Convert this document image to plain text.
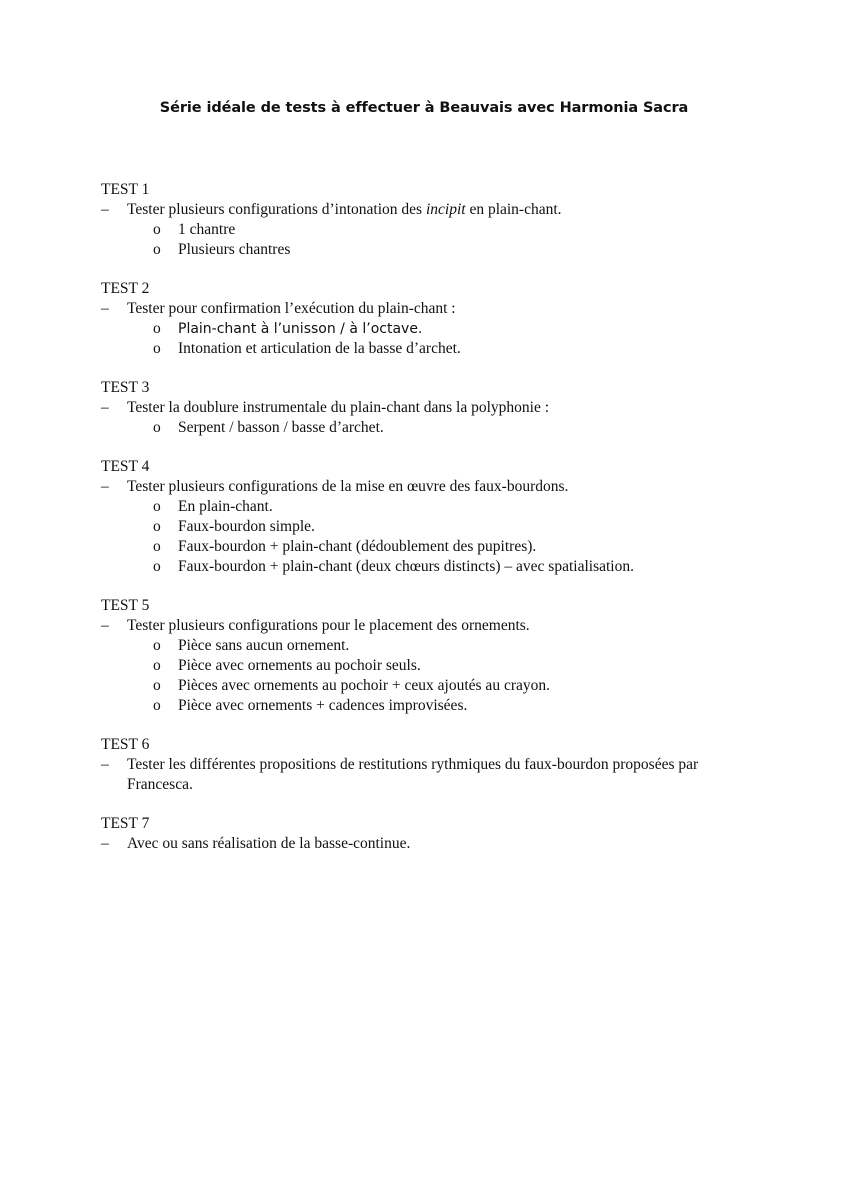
Série idéale de tests à effectuer à Beauvais avec Harmonia Sacra
TEST 1
– Tester plusieurs configurations d’intonation des incipit en plain-chant.
o 1 chantre
o Plusieurs chantres
TEST 2
– Tester pour confirmation l’exécution du plain-chant :
o Plain-chant à l’unisson / à l’octave.
o Intonation et articulation de la basse d’archet.
TEST 3
– Tester la doublure instrumentale du plain-chant dans la polyphonie :
o Serpent / basson / basse d’archet.
TEST 4
– Tester plusieurs configurations de la mise en œuvre des faux-bourdons.
o En plain-chant.
o Faux-bourdon simple.
o Faux-bourdon + plain-chant (dédoublement des pupitres).
o Faux-bourdon + plain-chant (deux chœurs distincts) – avec spatialisation.
TEST 5
– Tester plusieurs configurations pour le placement des ornements.
o Pièce sans aucun ornement.
o Pièce avec ornements au pochoir seuls.
o Pièces avec ornements au pochoir + ceux ajoutés au crayon.
o Pièce avec ornements + cadences improvisées.
TEST 6
– Tester les différentes propositions de restitutions rythmiques du faux-bourdon proposées par Francesca.
TEST 7
– Avec ou sans réalisation de la basse-continue.
